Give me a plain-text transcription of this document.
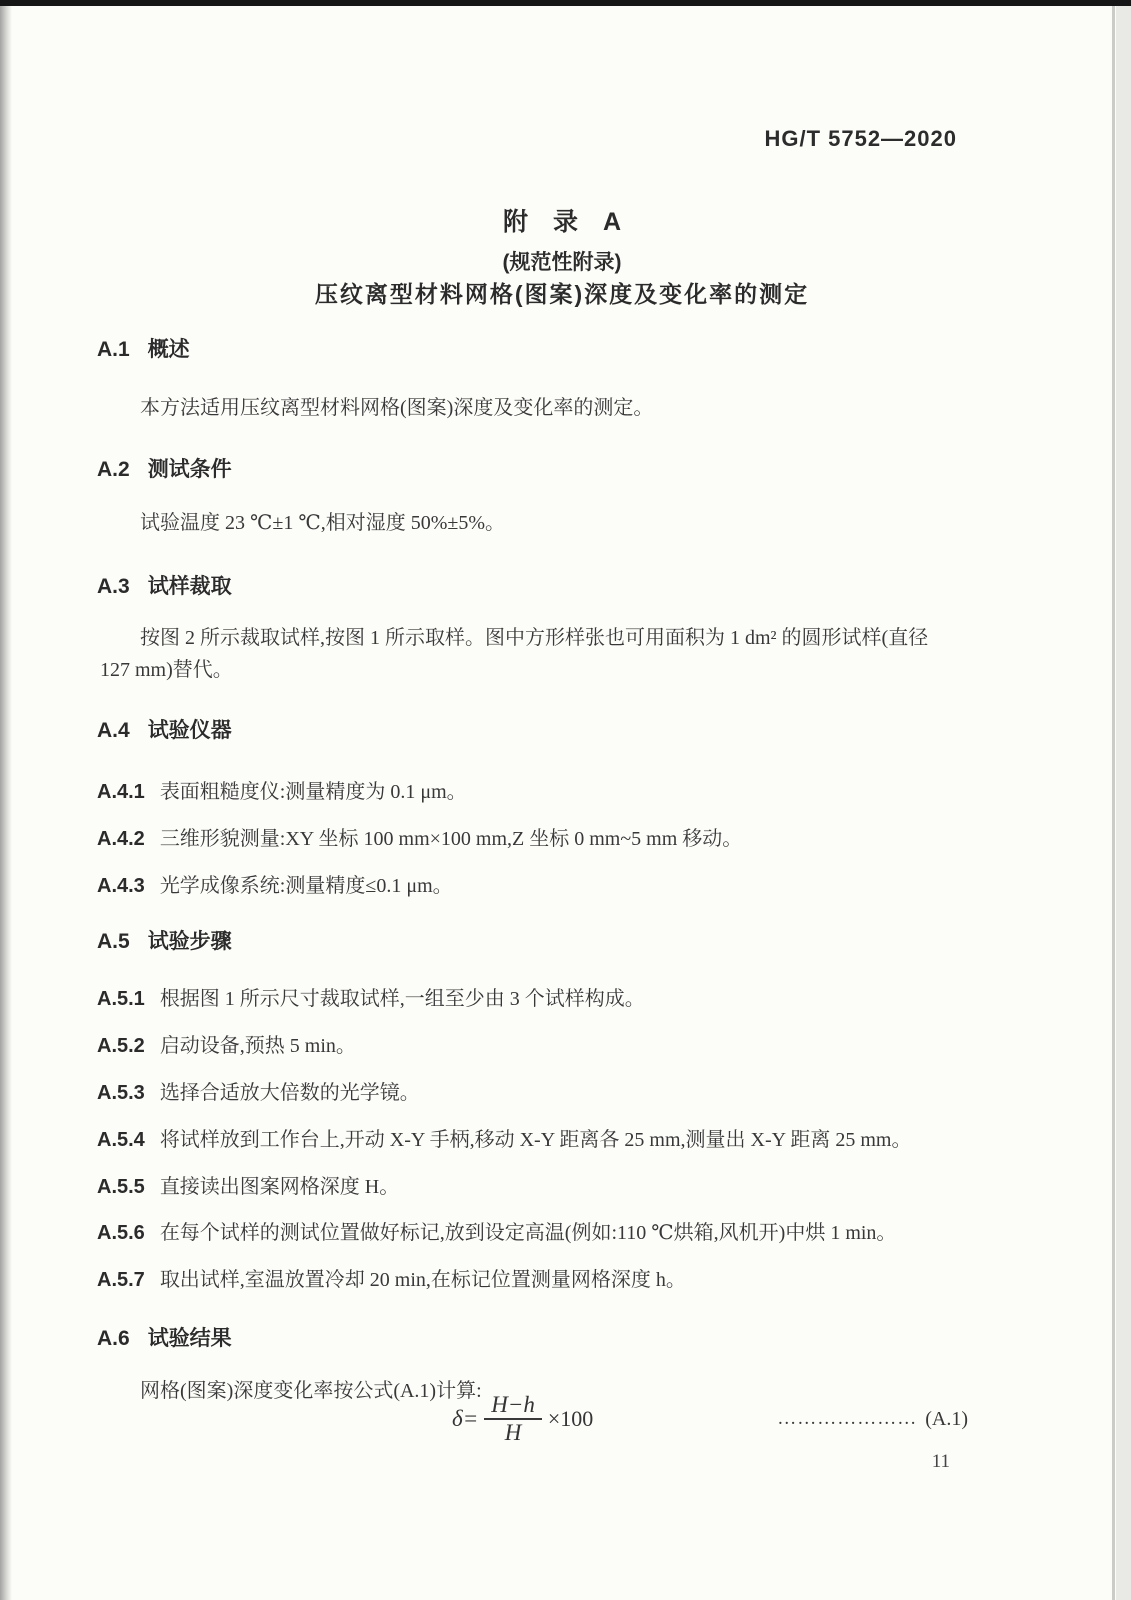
HG/T 5752—2020
附　录　A
(规范性附录)
压纹离型材料网格(图案)深度及变化率的测定
A.1 概述
本方法适用压纹离型材料网格(图案)深度及变化率的测定。
A.2 测试条件
试验温度 23 ℃±1 ℃,相对湿度 50%±5%。
A.3 试样裁取
按图 2 所示裁取试样,按图 1 所示取样。图中方形样张也可用面积为 1 dm² 的圆形试样(直径 127 mm)替代。
A.4 试验仪器
A.4.1 表面粗糙度仪:测量精度为 0.1 μm。
A.4.2 三维形貌测量:XY 坐标 100 mm×100 mm,Z 坐标 0 mm~5 mm 移动。
A.4.3 光学成像系统:测量精度≤0.1 μm。
A.5 试验步骤
A.5.1 根据图 1 所示尺寸裁取试样,一组至少由 3 个试样构成。
A.5.2 启动设备,预热 5 min。
A.5.3 选择合适放大倍数的光学镜。
A.5.4 将试样放到工作台上,开动 X-Y 手柄,移动 X-Y 距离各 25 mm,测量出 X-Y 距离 25 mm。
A.5.5 直接读出图案网格深度 H。
A.5.6 在每个试样的测试位置做好标记,放到设定高温(例如:110 ℃烘箱,风机开)中烘 1 min。
A.5.7 取出试样,室温放置冷却 20 min,在标记位置测量网格深度 h。
A.6 试验结果
网格(图案)深度变化率按公式(A.1)计算:
$\delta= \frac{H-h}{H} \times 100$	………………… (A.1)
11
